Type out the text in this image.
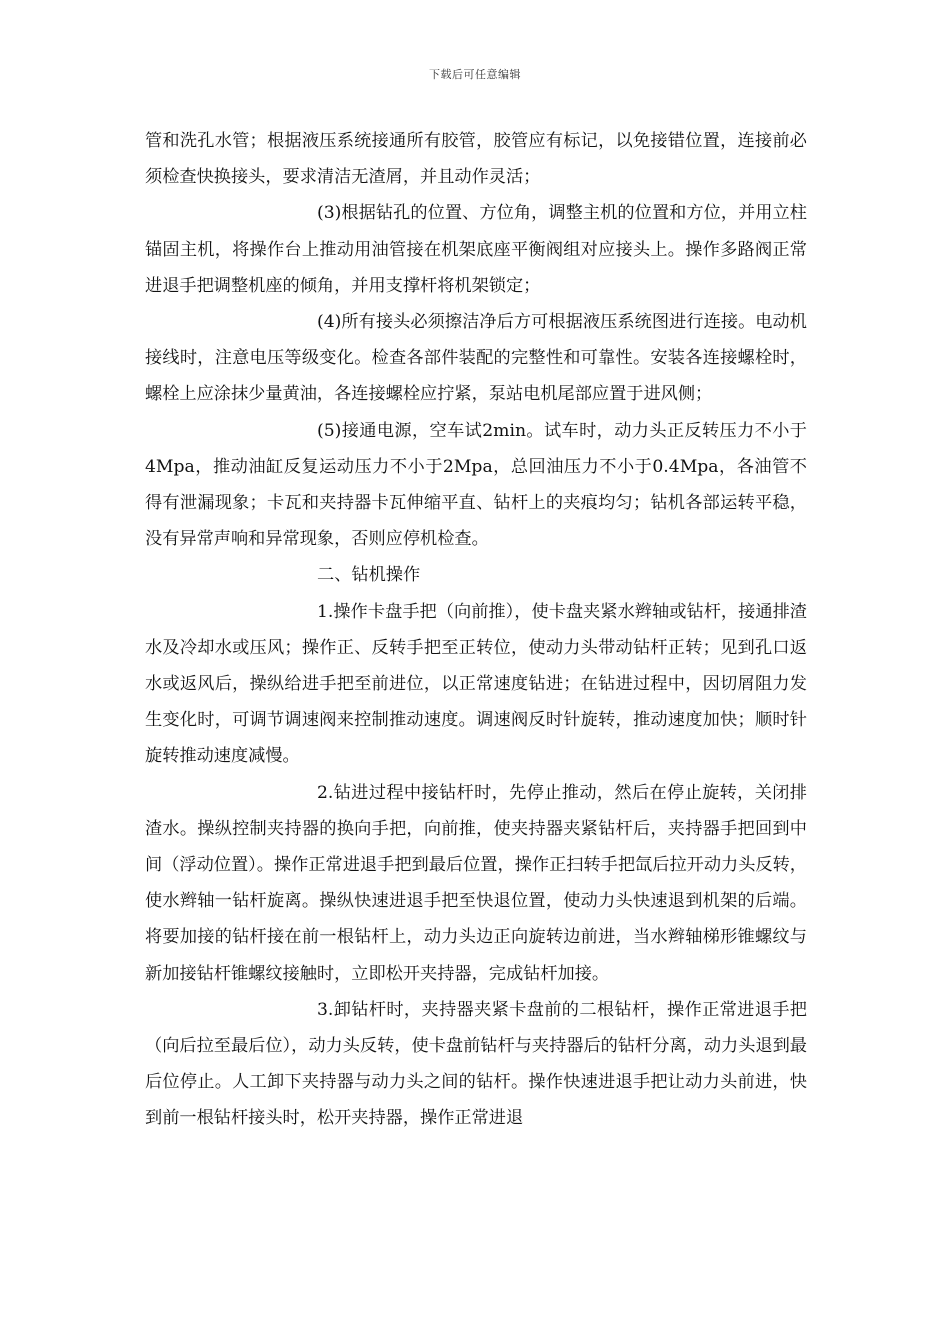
下载后可任意编辑

管和洗孔水管；根据液压系统接通所有胶管，胶管应有标记，以免接错位置，连接前必须检查快换接头，要求清洁无渣屑，并且动作灵活；

(3)根据钻孔的位置、方位角，调整主机的位置和方位，并用立柱锚固主机，将操作台上推动用油管接在机架底座平衡阀组对应接头上。操作多路阀正常进退手把调整机座的倾角，并用支撑杆将机架锁定；

(4)所有接头必须擦洁净后方可根据液压系统图进行连接。电动机接线时，注意电压等级变化。检查各部件装配的完整性和可靠性。安装各连接螺栓时，螺栓上应涂抹少量黄油，各连接螺栓应拧紧，泵站电机尾部应置于进风侧；

(5)接通电源，空车试2min。试车时，动力头正反转压力不小于4Mpa，推动油缸反复运动压力不小于2Mpa，总回油压力不小于0.4Mpa，各油管不得有泄漏现象；卡瓦和夹持器卡瓦伸缩平直、钻杆上的夹痕均匀；钻机各部运转平稳，没有异常声响和异常现象，否则应停机检查。

二、钻机操作

1.操作卡盘手把（向前推），使卡盘夹紧水辫轴或钻杆，接通排渣水及冷却水或压风；操作正、反转手把至正转位，使动力头带动钻杆正转；见到孔口返水或返风后，操纵给进手把至前进位，以正常速度钻进；在钻进过程中，因切屑阻力发生变化时，可调节调速阀来控制推动速度。调速阀反时针旋转，推动速度加快；顺时针旋转推动速度减慢。

2.钻进过程中接钻杆时，先停止推动，然后在停止旋转，关闭排渣水。操纵控制夹持器的换向手把，向前推，使夹持器夹紧钻杆后，夹持器手把回到中间（浮动位置）。操作正常进退手把到最后位置，操作正扫转手把氙后拉开动力头反转，使水辫轴一钻杆旋离。操纵快速进退手把至快退位置，使动力头快速退到机架的后端。将要加接的钻杆接在前一根钻杆上，动力头边正向旋转边前进，当水辫轴梯形锥螺纹与新加接钻杆锥螺纹接触时，立即松开夹持器，完成钻杆加接。

3.卸钻杆时，夹持器夹紧卡盘前的二根钻杆，操作正常进退手把（向后拉至最后位），动力头反转，使卡盘前钻杆与夹持器后的钻杆分离，动力头退到最后位停止。人工卸下夹持器与动力头之间的钻杆。操作快速进退手把让动力头前进，快到前一根钻杆接头时，松开夹持器，操作正常进退
